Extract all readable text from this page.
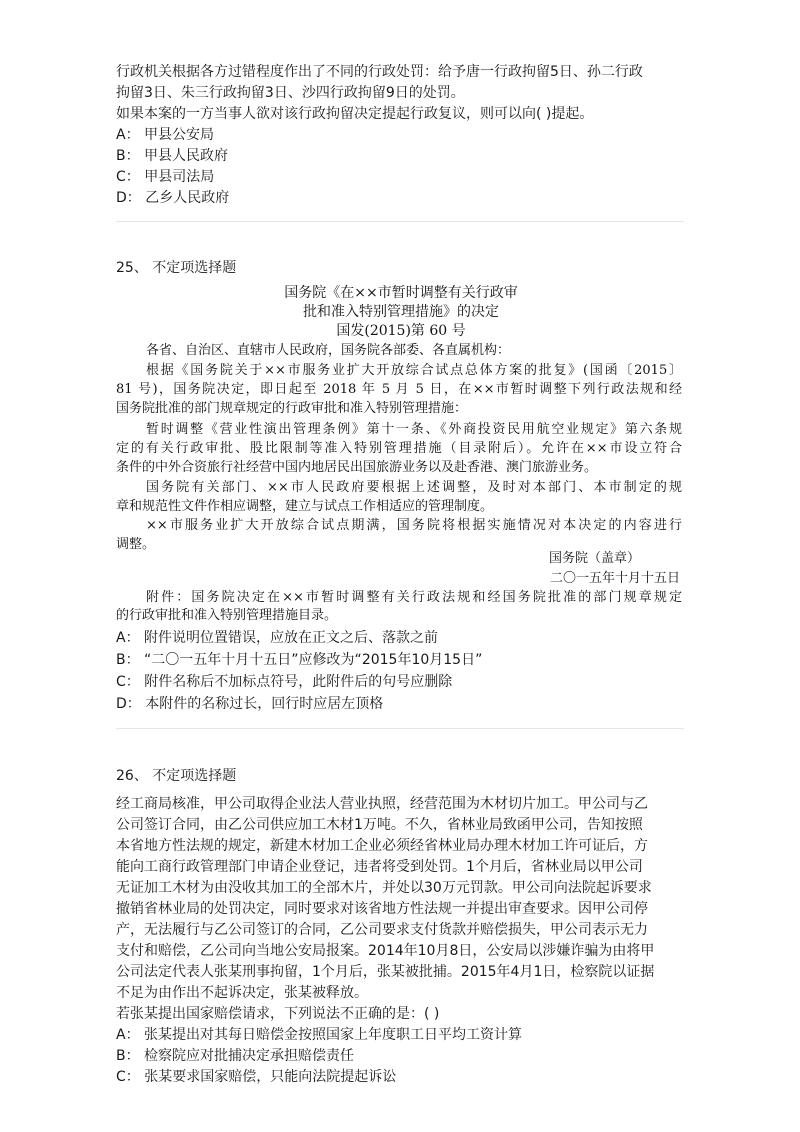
行政机关根据各方过错程度作出了不同的行政处罚：给予唐一行政拘留5日、孙二行政
拘留3日、朱三行政拘留3日、沙四行政拘留9日的处罚。
如果本案的一方当事人欲对该行政拘留决定提起行政复议，则可以向( )提起。
A： 甲县公安局
B： 甲县人民政府
C： 甲县司法局
D： 乙乡人民政府
25、 不定项选择题
国务院《在××市暂时调整有关行政审
批和准入特别管理措施》的决定
国发(2015)第 60 号
各省、自治区、直辖市人民政府，国务院各部委、各直属机构：
根据《国务院关于××市服务业扩大开放综合试点总体方案的批复》(国函〔2015〕
81 号)，国务院决定，即日起至 2018 年 5 月 5 日，在××市暂时调整下列行政法规和经
国务院批准的部门规章规定的行政审批和准入特别管理措施：
暂时调整《营业性演出管理条例》第十一条、《外商投资民用航空业规定》第六条规
定的有关行政审批、股比限制等准入特别管理措施（目录附后）。允许在××市设立符合
条件的中外合资旅行社经营中国内地居民出国旅游业务以及赴香港、澳门旅游业务。
国务院有关部门、××市人民政府要根据上述调整，及时对本部门、本市制定的规
章和规范性文件作相应调整，建立与试点工作相适应的管理制度。
××市服务业扩大开放综合试点期满，国务院将根据实施情况对本决定的内容进行
调整。
国务院（盖章）
二〇一五年十月十五日
附件：国务院决定在××市暂时调整有关行政法规和经国务院批准的部门规章规定
的行政审批和准入特别管理措施目录。
A： 附件说明位置错误，应放在正文之后、落款之前
B： “二〇一五年十月十五日”应修改为“2015年10月15日”
C： 附件名称后不加标点符号，此附件后的句号应删除
D： 本附件的名称过长，回行时应居左顶格
26、 不定项选择题
经工商局核准，甲公司取得企业法人营业执照，经营范围为木材切片加工。甲公司与乙
公司签订合同，由乙公司供应加工木材1万吨。不久，省林业局致函甲公司，告知按照
本省地方性法规的规定，新建木材加工企业必须经省林业局办理木材加工许可证后，方
能向工商行政管理部门申请企业登记，违者将受到处罚。1个月后，省林业局以甲公司
无证加工木材为由没收其加工的全部木片，并处以30万元罚款。甲公司向法院起诉要求
撤销省林业局的处罚决定，同时要求对该省地方性法规一并提出审查要求。因甲公司停
产，无法履行与乙公司签订的合同，乙公司要求支付货款并赔偿损失，甲公司表示无力
支付和赔偿，乙公司向当地公安局报案。2014年10月8日，公安局以涉嫌诈骗为由将甲
公司法定代表人张某刑事拘留，1个月后，张某被批捕。2015年4月1日，检察院以证据
不足为由作出不起诉决定，张某被释放。
若张某提出国家赔偿请求，下列说法不正确的是：( )
A： 张某提出对其每日赔偿金按照国家上年度职工日平均工资计算
B： 检察院应对批捕决定承担赔偿责任
C： 张某要求国家赔偿，只能向法院提起诉讼
